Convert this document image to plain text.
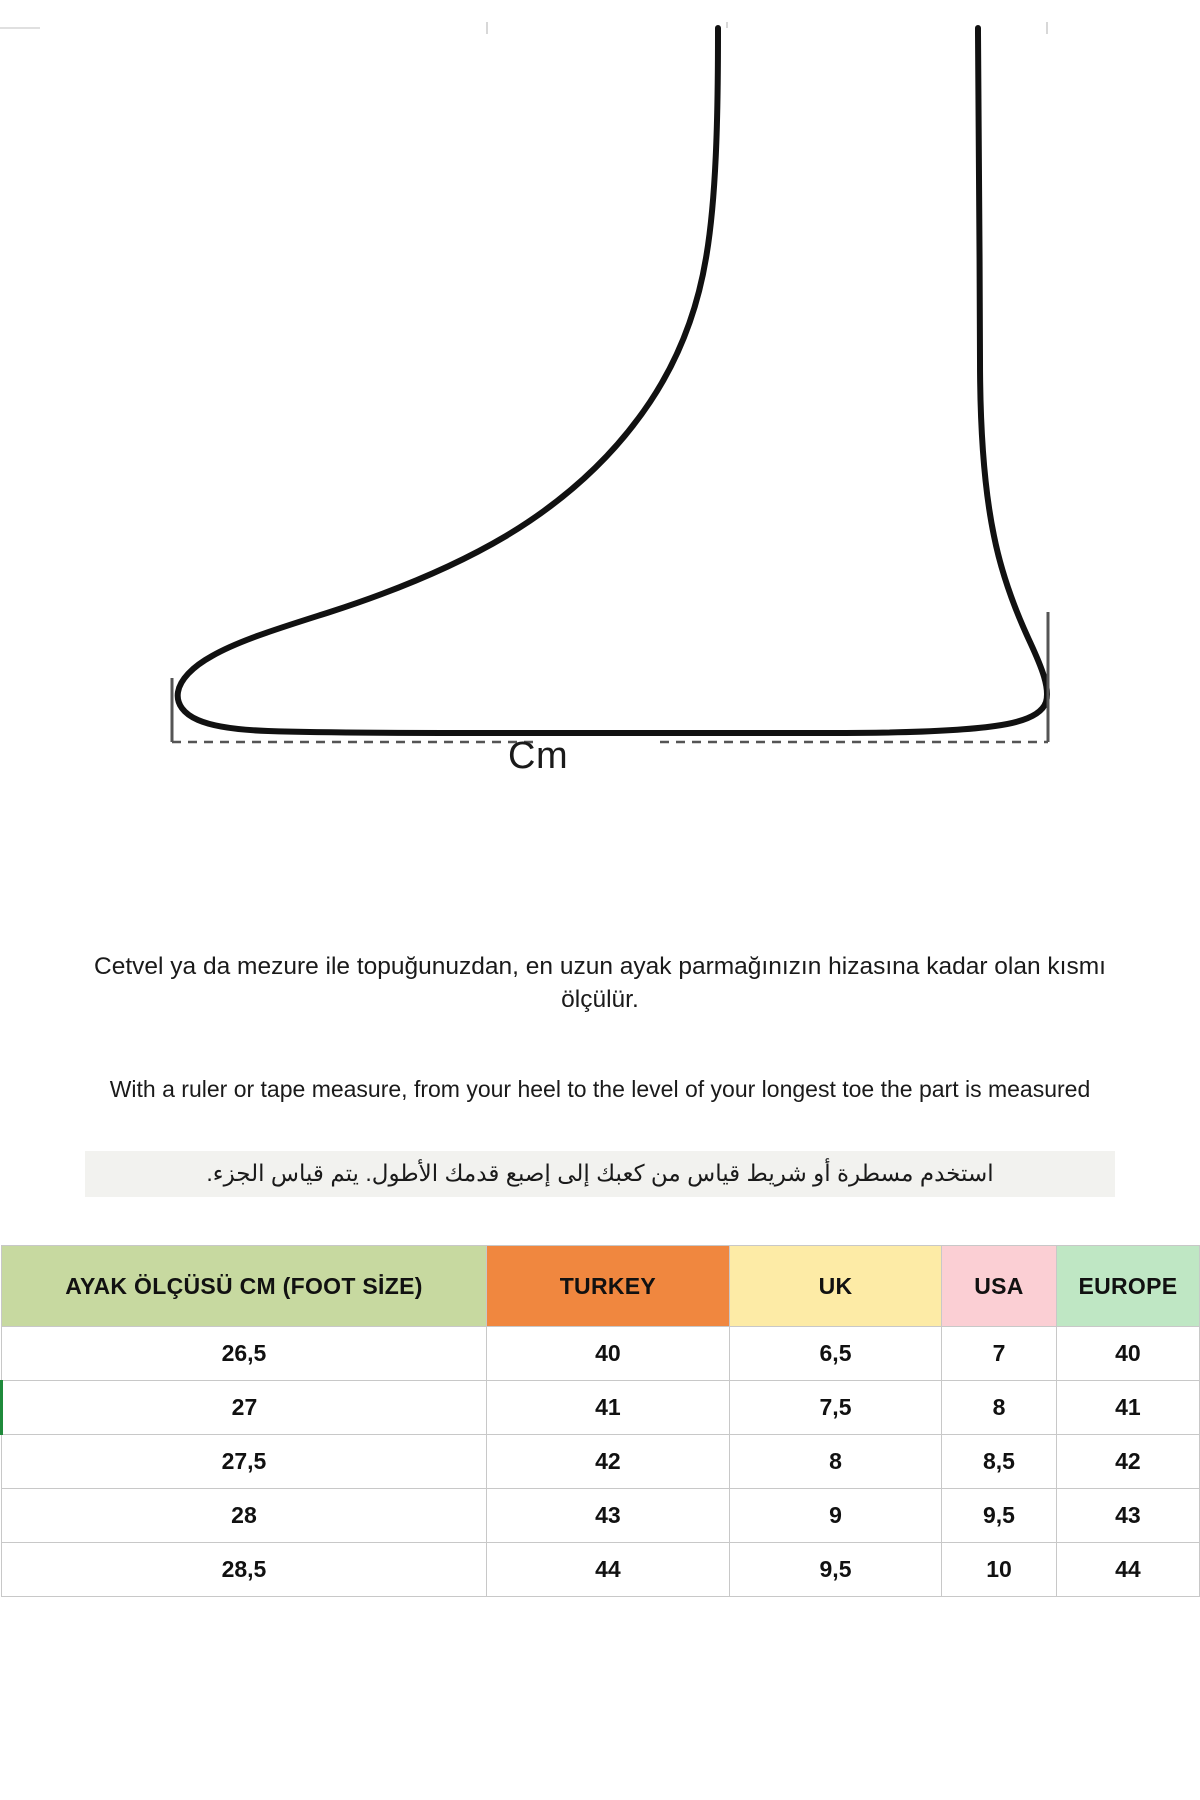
Cm

Cetvel ya da mezure ile topuğunuzdan, en uzun ayak parmağınızın hizasına kadar olan kısmı ölçülür.

With a ruler or tape measure, from your heel to the level of your longest toe the part is measured

استخدم مسطرة أو شريط قياس من كعبك إلى إصبع قدمك الأطول. يتم قياس الجزء.

AYAK ÖLÇÜSÜ CM (FOOT SİZE)	TURKEY	UK	USA	EUROPE
26,5	40	6,5	7	40
27	41	7,5	8	41
27,5	42	8	8,5	42
28	43	9	9,5	43
28,5	44	9,5	10	44
